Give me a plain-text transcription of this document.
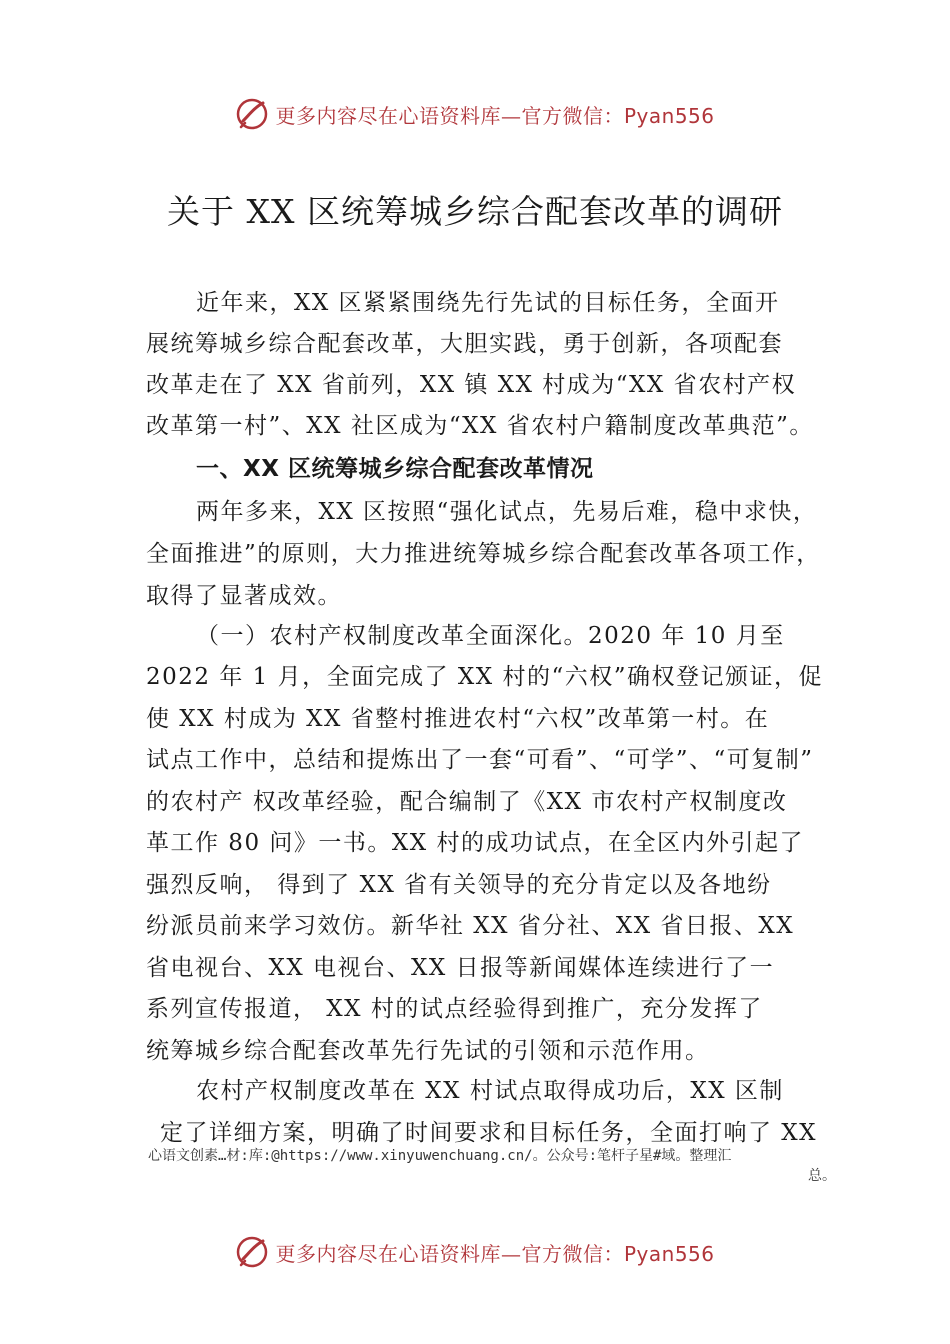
更多内容尽在心语资料库—官方微信：Pyan556
关于 XX 区统筹城乡综合配套改革的调研
近年来，XX 区紧紧围绕先行先试的目标任务，全面开
展统筹城乡综合配套改革，大胆实践，勇于创新，各项配套
改革走在了 XX 省前列，XX 镇 XX 村成为“XX 省农村产权
改革第一村”、XX 社区成为“XX 省农村户籍制度改革典范”。
一、XX 区统筹城乡综合配套改革情况
两年多来，XX 区按照“强化试点，先易后难，稳中求快，
全面推进”的原则，大力推进统筹城乡综合配套改革各项工作，
取得了显著成效。
（一）农村产权制度改革全面深化。2020 年 10 月至
2022 年 1 月，全面完成了 XX 村的“六权”确权登记颁证，促
使 XX 村成为 XX 省整村推进农村“六权”改革第一村。在
试点工作中，总结和提炼出了一套“可看”、“可学”、“可复制”
的农村产 权改革经验，配合编制了《XX 市农村产权制度改
革工作 80 问》一书。XX 村的成功试点，在全区内外引起了
强烈反响， 得到了 XX 省有关领导的充分肯定以及各地纷
纷派员前来学习效仿。新华社 XX 省分社、XX 省日报、XX
省电视台、XX 电视台、XX 日报等新闻媒体连续进行了一
系列宣传报道， XX 村的试点经验得到推广，充分发挥了
统筹城乡综合配套改革先行先试的引领和示范作用。
农村产权制度改革在 XX 村试点取得成功后，XX 区制
定了详细方案，明确了时间要求和目标任务，全面打响了 XX
心语文创素…材:库:@https://www.xinyuwenchuang.cn/。公众号:笔杆子星#域。整理汇
总。
更多内容尽在心语资料库—官方微信：Pyan556
